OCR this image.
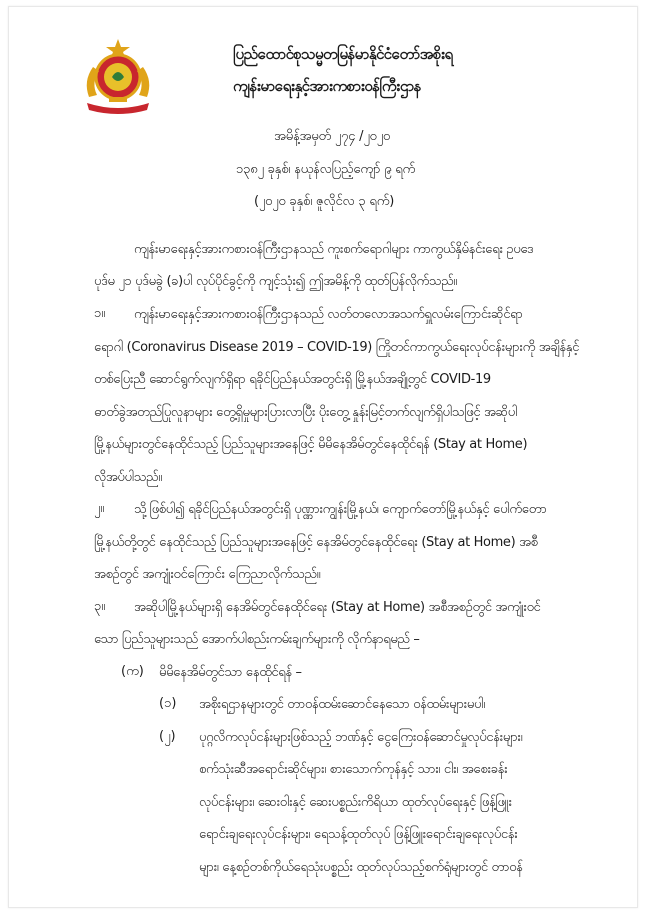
ပြည်ထောင်စုသမ္မတမြန်မာနိုင်ငံတော်အစိုးရ
ကျန်းမာရေးနှင့်အားကစားဝန်ကြီးဌာန
အမိန့်အမှတ် ၂၇၄ /၂၀၂၀
၁၃၈၂ ခုနှစ်၊ နယုန်လပြည့်ကျော် ၉ ရက်
(၂၀၂၀ ခုနှစ်၊ ဇူလိုင်လ ၃ ရက်)
ကျန်းမာရေးနှင့်အားကစားဝန်ကြီးဌာနသည် ကူးစက်ရောဂါများ ကာကွယ်နှိမ်နင်းရေး ဥပဒေ
ပုဒ်မ ၂၁ ပုဒ်မခွဲ (ခ)ပါ လုပ်ပိုင်ခွင့်ကို ကျင့်သုံး၍ ဤအမိန့်ကို ထုတ်ပြန်လိုက်သည်။
၁။ ကျန်းမာရေးနှင့်အားကစားဝန်ကြီးဌာနသည် လတ်တလောအသက်ရှူလမ်းကြောင်းဆိုင်ရာ
ရောဂါ (Coronavirus Disease 2019 – COVID-19) ကြိုတင်ကာကွယ်ရေးလုပ်ငန်းများကို အချိန်နှင့်
တစ်ပြေးညီ ဆောင်ရွက်လျက်ရှိရာ ရခိုင်ပြည်နယ်အတွင်းရှိ မြို့နယ်အချို့တွင် COVID-19
ဓာတ်ခွဲအတည်ပြုလူနာများ တွေ့ရှိမှုများပြားလာပြီး ပိုးတွေ့ နှုန်းမြင့်တက်လျက်ရှိပါသဖြင့် အဆိုပါ
မြို့နယ်များတွင်နေထိုင်သည့် ပြည်သူများအနေဖြင့် မိမိနေအိမ်တွင်နေထိုင်ရန် (Stay at Home)
လိုအပ်ပါသည်။
၂။ သို့ဖြစ်ပါ၍ ရခိုင်ပြည်နယ်အတွင်းရှိ ပုဏ္ဏားကျွန်းမြို့နယ်၊ ကျောက်တော်မြို့နယ်နှင့် ပေါက်တော
မြို့နယ်တို့တွင် နေထိုင်သည့် ပြည်သူများအနေဖြင့် နေအိမ်တွင်နေထိုင်ရေး (Stay at Home) အစီ
အစဉ်တွင် အကျုံးဝင်ကြောင်း ကြေညာလိုက်သည်။
၃။ အဆိုပါမြို့နယ်များရှိ နေအိမ်တွင်နေထိုင်ရေး (Stay at Home) အစီအစဉ်တွင် အကျုံးဝင်
သော ပြည်သူများသည် အောက်ပါစည်းကမ်းချက်များကို လိုက်နာရမည် –
(က) မိမိနေအိမ်တွင်သာ နေထိုင်ရန် –
(၁) အစိုးရဌာနများတွင် တာဝန်ထမ်းဆောင်နေသော ဝန်ထမ်းများမပါ၊
(၂) ပုဂ္ဂလိကလုပ်ငန်းများဖြစ်သည့် ဘဏ်နှင့် ငွေကြေးဝန်ဆောင်မှုလုပ်ငန်းများ၊
စက်သုံးဆီအရောင်းဆိုင်များ၊ စားသောက်ကုန်နှင့် သား၊ ငါး၊ အစေးခန်း
လုပ်ငန်းများ၊ ဆေးဝါးနှင့် ဆေးပစ္စည်းကိရိယာ ထုတ်လုပ်ရေးနှင့် ဖြန့်ဖြူး
ရောင်းချရေးလုပ်ငန်းများ၊ ရေသန့်ထုတ်လုပ် ဖြန့်ဖြူးရောင်းချရေးလုပ်ငန်း
များ၊ နေ့စဉ်တစ်ကိုယ်ရေသုံးပစ္စည်း ထုတ်လုပ်သည့်စက်ရုံများတွင် တာဝန်
